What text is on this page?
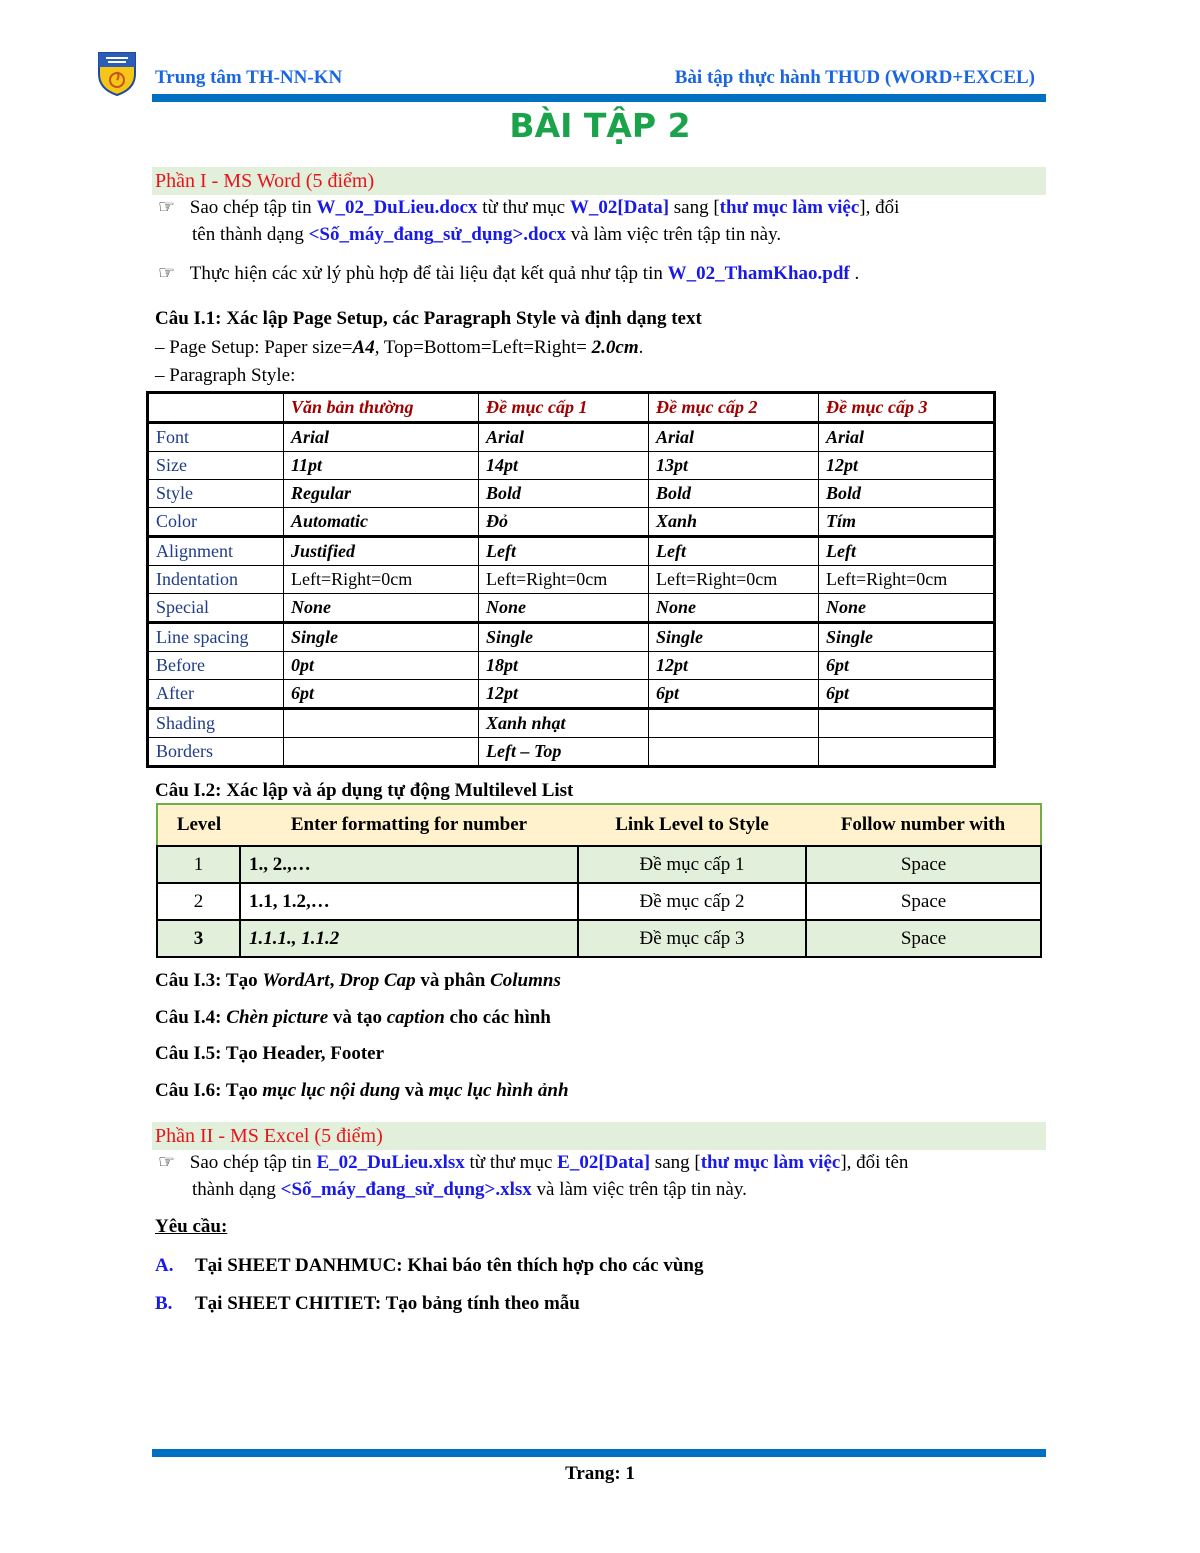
Trung tâm TH-NN-KN	Bài tập thực hành THUD (WORD+EXCEL)
BÀI TẬP 2
Phần I - MS Word (5 điểm)
☞ Sao chép tập tin W_02_DuLieu.docx từ thư mục W_02[Data] sang [thư mục làm việc], đổi
tên thành dạng <Số_máy_đang_sử_dụng>.docx và làm việc trên tập tin này.
☞ Thực hiện các xử lý phù hợp để tài liệu đạt kết quả như tập tin W_02_ThamKhao.pdf .
Câu I.1: Xác lập Page Setup, các Paragraph Style và định dạng text
– Page Setup: Paper size=A4, Top=Bottom=Left=Right= 2.0cm.
– Paragraph Style:
	Văn bản thường	Đề mục cấp 1	Đề mục cấp 2	Đề mục cấp 3
Font	Arial	Arial	Arial	Arial
Size	11pt	14pt	13pt	12pt
Style	Regular	Bold	Bold	Bold
Color	Automatic	Đỏ	Xanh	Tím
Alignment	Justified	Left	Left	Left
Indentation	Left=Right=0cm	Left=Right=0cm	Left=Right=0cm	Left=Right=0cm
Special	None	None	None	None
Line spacing	Single	Single	Single	Single
Before	0pt	18pt	12pt	6pt
After	6pt	12pt	6pt	6pt
Shading		Xanh nhạt		
Borders		Left – Top		
Câu I.2: Xác lập và áp dụng tự động Multilevel List
Level	Enter formatting for number	Link Level to Style	Follow number with
1	1., 2.,…	Đề mục cấp 1	Space
2	1.1, 1.2,…	Đề mục cấp 2	Space
3	1.1.1., 1.1.2	Đề mục cấp 3	Space
Câu I.3: Tạo WordArt, Drop Cap và phân Columns
Câu I.4: Chèn picture và tạo caption cho các hình
Câu I.5: Tạo Header, Footer
Câu I.6: Tạo mục lục nội dung và mục lục hình ảnh
Phần II - MS Excel (5 điểm)
☞ Sao chép tập tin E_02_DuLieu.xlsx từ thư mục E_02[Data] sang [thư mục làm việc], đổi tên
thành dạng <Số_máy_đang_sử_dụng>.xlsx và làm việc trên tập tin này.
Yêu cầu:
A. Tại SHEET DANHMUC: Khai báo tên thích hợp cho các vùng
B. Tại SHEET CHITIET: Tạo bảng tính theo mẫu
Trang: 1
